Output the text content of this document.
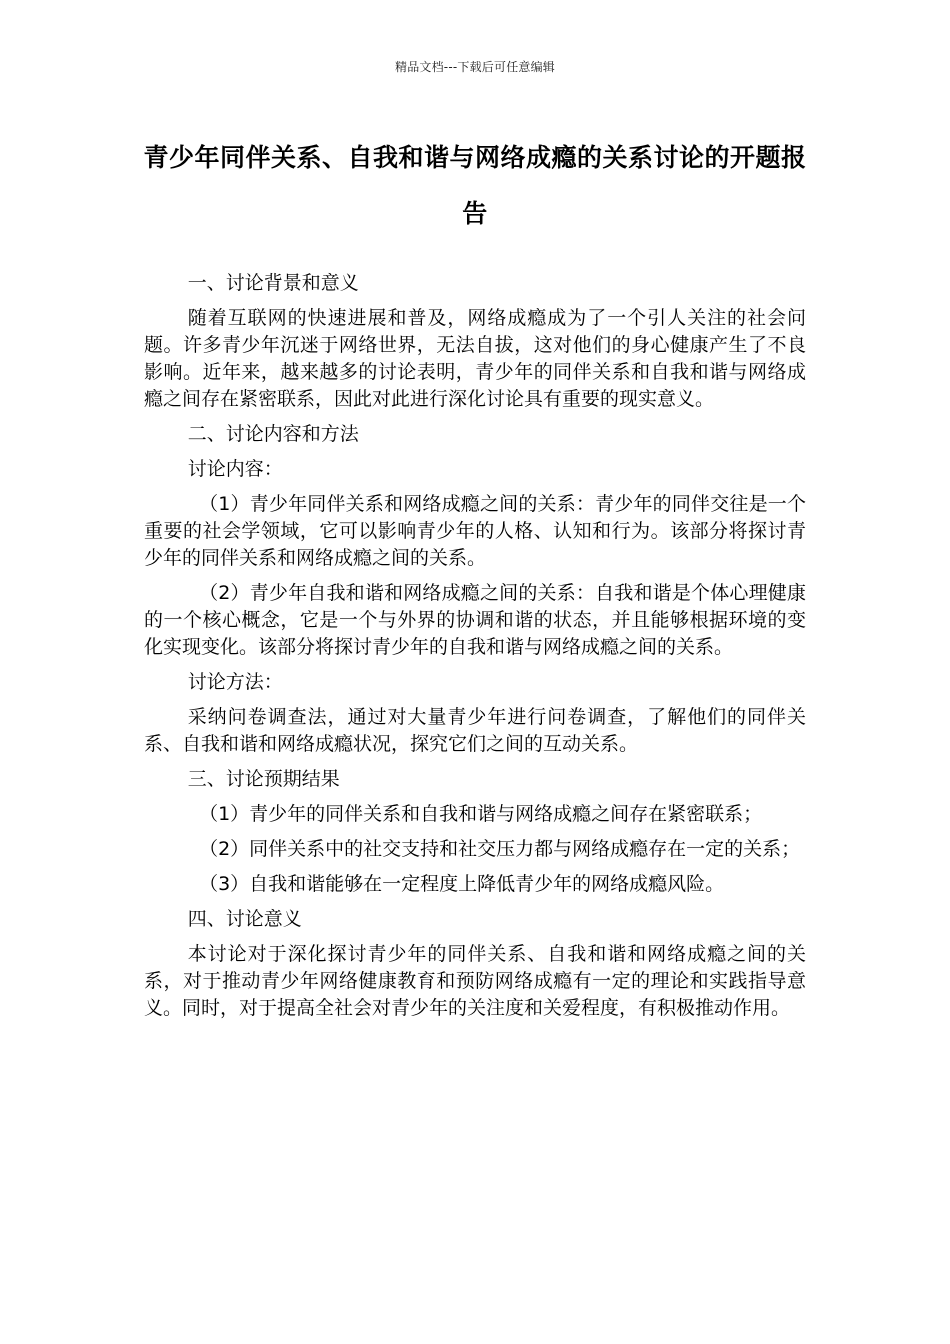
精品文档---下载后可任意编辑
青少年同伴关系、自我和谐与网络成瘾的关系讨论的开题报告

一、讨论背景和意义

随着互联网的快速进展和普及，网络成瘾成为了一个引人关注的社会问题。许多青少年沉迷于网络世界，无法自拔，这对他们的身心健康产生了不良影响。近年来，越来越多的讨论表明，青少年的同伴关系和自我和谐与网络成瘾之间存在紧密联系，因此对此进行深化讨论具有重要的现实意义。

二、讨论内容和方法

讨论内容：

（1）青少年同伴关系和网络成瘾之间的关系：青少年的同伴交往是一个重要的社会学领域，它可以影响青少年的人格、认知和行为。该部分将探讨青少年的同伴关系和网络成瘾之间的关系。

（2）青少年自我和谐和网络成瘾之间的关系：自我和谐是个体心理健康的一个核心概念，它是一个与外界的协调和谐的状态，并且能够根据环境的变化实现变化。该部分将探讨青少年的自我和谐与网络成瘾之间的关系。

讨论方法：

采纳问卷调查法，通过对大量青少年进行问卷调查，了解他们的同伴关系、自我和谐和网络成瘾状况，探究它们之间的互动关系。

三、讨论预期结果

（1）青少年的同伴关系和自我和谐与网络成瘾之间存在紧密联系；

（2）同伴关系中的社交支持和社交压力都与网络成瘾存在一定的关系；

（3）自我和谐能够在一定程度上降低青少年的网络成瘾风险。

四、讨论意义

本讨论对于深化探讨青少年的同伴关系、自我和谐和网络成瘾之间的关系，对于推动青少年网络健康教育和预防网络成瘾有一定的理论和实践指导意义。同时，对于提高全社会对青少年的关注度和关爱程度，有积极推动作用。
